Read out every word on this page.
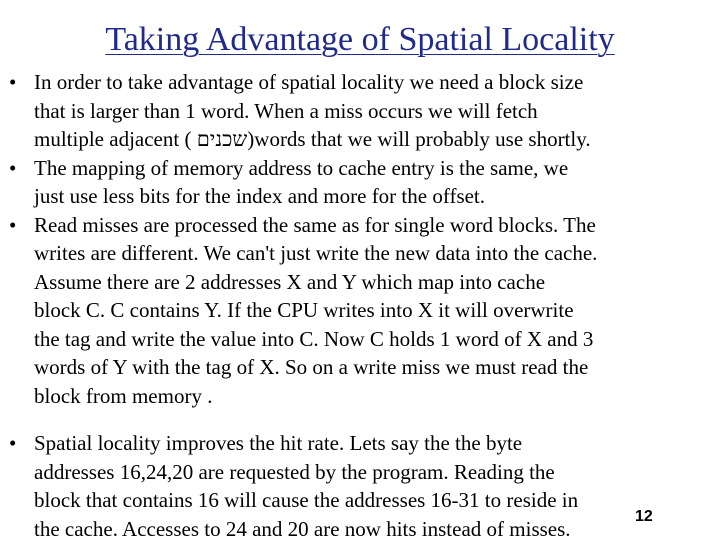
Taking Advantage of Spatial Locality
• In order to take advantage of spatial locality we need a block size
that is larger than 1 word. When a miss occurs we will fetch
multiple adjacent ( שכנים)words that we will probably use shortly.
• The mapping of memory address to cache entry is the same, we
just use less bits for the index and more for the offset.
• Read misses are processed the same as for single word blocks. The
writes are different. We can't just write the new data into the cache.
Assume there are 2 addresses X and Y which map into cache
block C. C contains Y. If the CPU writes into X it will overwrite
the tag and write the value into C. Now C holds 1 word of X and 3
words of Y with the tag of X. So on a write miss we must read the
block from memory .
• Spatial locality improves the hit rate. Lets say the the byte
addresses 16,24,20 are requested by the program. Reading the
block that contains 16 will cause the addresses 16-31 to reside in
the cache. Accesses to 24 and 20 are now hits instead of misses.	12
